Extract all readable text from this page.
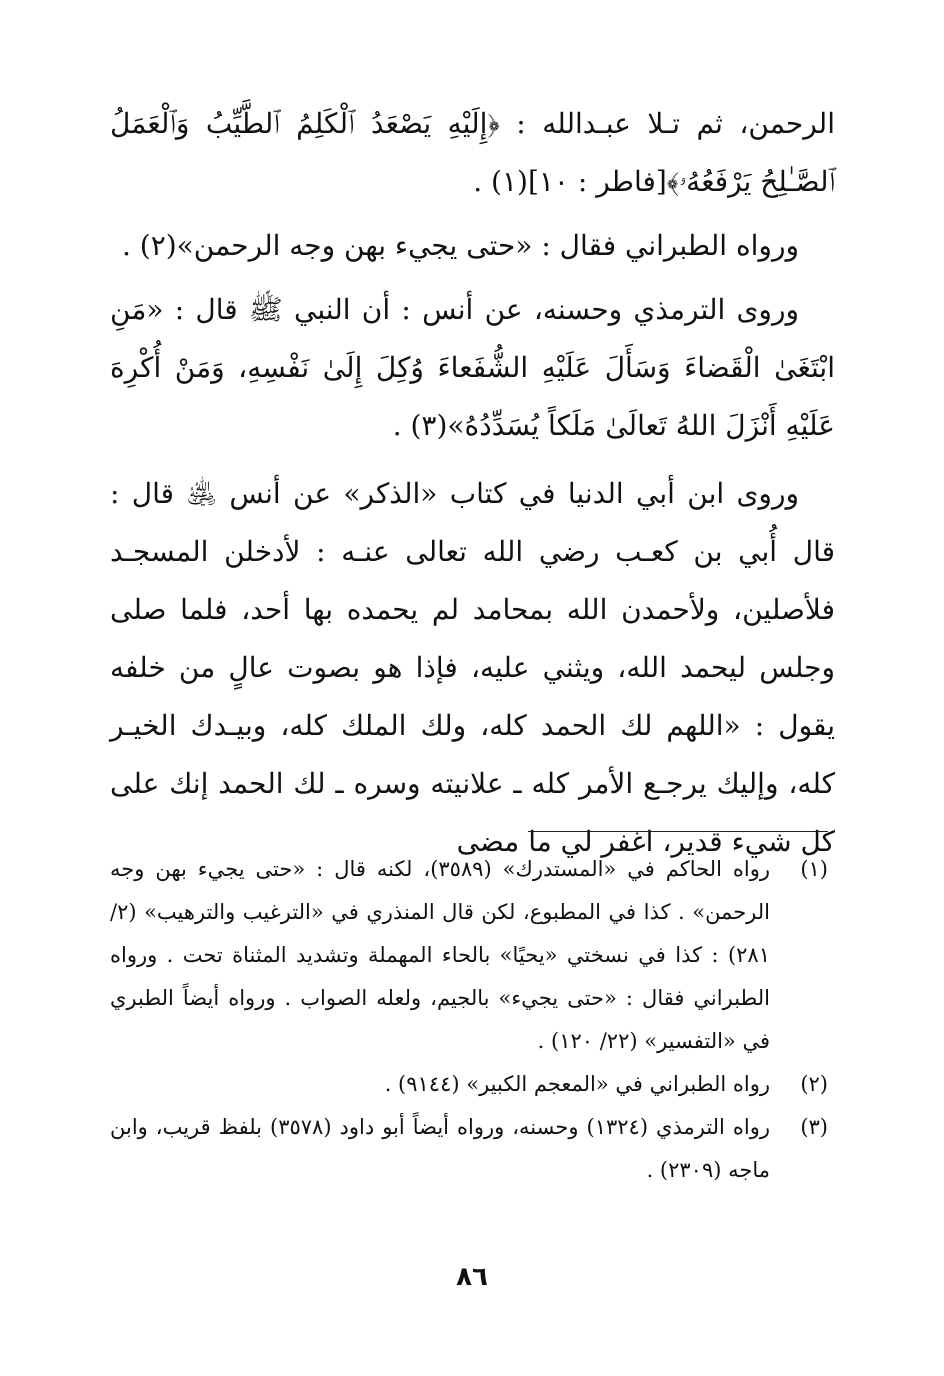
الرحمن، ثم تـلا عبـدالله : ﴿إِلَيْهِ يَصْعَدُ ٱلْكَلِمُ ٱلطَّيِّبُ وَٱلْعَمَلُ ٱلصَّـٰلِحُ يَرْفَعُهُۥ﴾[فاطر : ١٠](١) .

ورواه الطبراني فقال : «حتى يجيء بهن وجه الرحمن»(٢) .

وروى الترمذي وحسنه، عن أنس : أن النبي ﷺ قال : «مَنِ ابْتَغَىٰ الْقَضاءَ وَسَأَلَ عَلَيْهِ الشُّفَعاءَ وُكِلَ إِلَىٰ نَفْسِهِ، وَمَنْ أُكْرِهَ عَلَيْهِ أَنْزَلَ اللهُ تَعالَىٰ مَلَكاً يُسَدِّدُهُ»(٣) .

وروى ابن أبي الدنيا في كتاب «الذكر» عن أنس ﵁ قال : قال أُبي بن كعـب رضي الله تعالى عنـه : لأدخلن المسجـد فلأصلين، ولأحمدن الله بمحامد لم يحمده بها أحد، فلما صلى وجلس ليحمد الله، ويثني عليه، فإذا هو بصوت عالٍ من خلفه يقول : «اللهم لك الحمد كله، ولك الملك كله، وبيـدك الخيـر كله، وإليك يرجـع الأمر كله ـ علانيته وسره ـ لك الحمد إنك على كل شيء قدير، اغفر لي ما مضى

(١)
رواه الحاكم في «المستدرك» (٣٥٨٩)، لكنه قال : «حتى يجيء بهن وجه الرحمن» . كذا في المطبوع، لكن قال المنذري في «الترغيب والترهيب» (٢/ ٢٨١) : كذا في نسختي «يحيًا» بالحاء المهملة وتشديد المثناة تحت . ورواه الطبراني فقال : «حتى يجيء» بالجيم، ولعله الصواب . ورواه أيضاً الطبري في «التفسير» (٢٢/ ١٢٠) .
(٢)
رواه الطبراني في «المعجم الكبير» (٩١٤٤) .
(٣)
رواه الترمذي (١٣٢٤) وحسنه، ورواه أيضاً أبو داود (٣٥٧٨) بلفظ قريب، وابن ماجه (٢٣٠٩) .
٨٦
